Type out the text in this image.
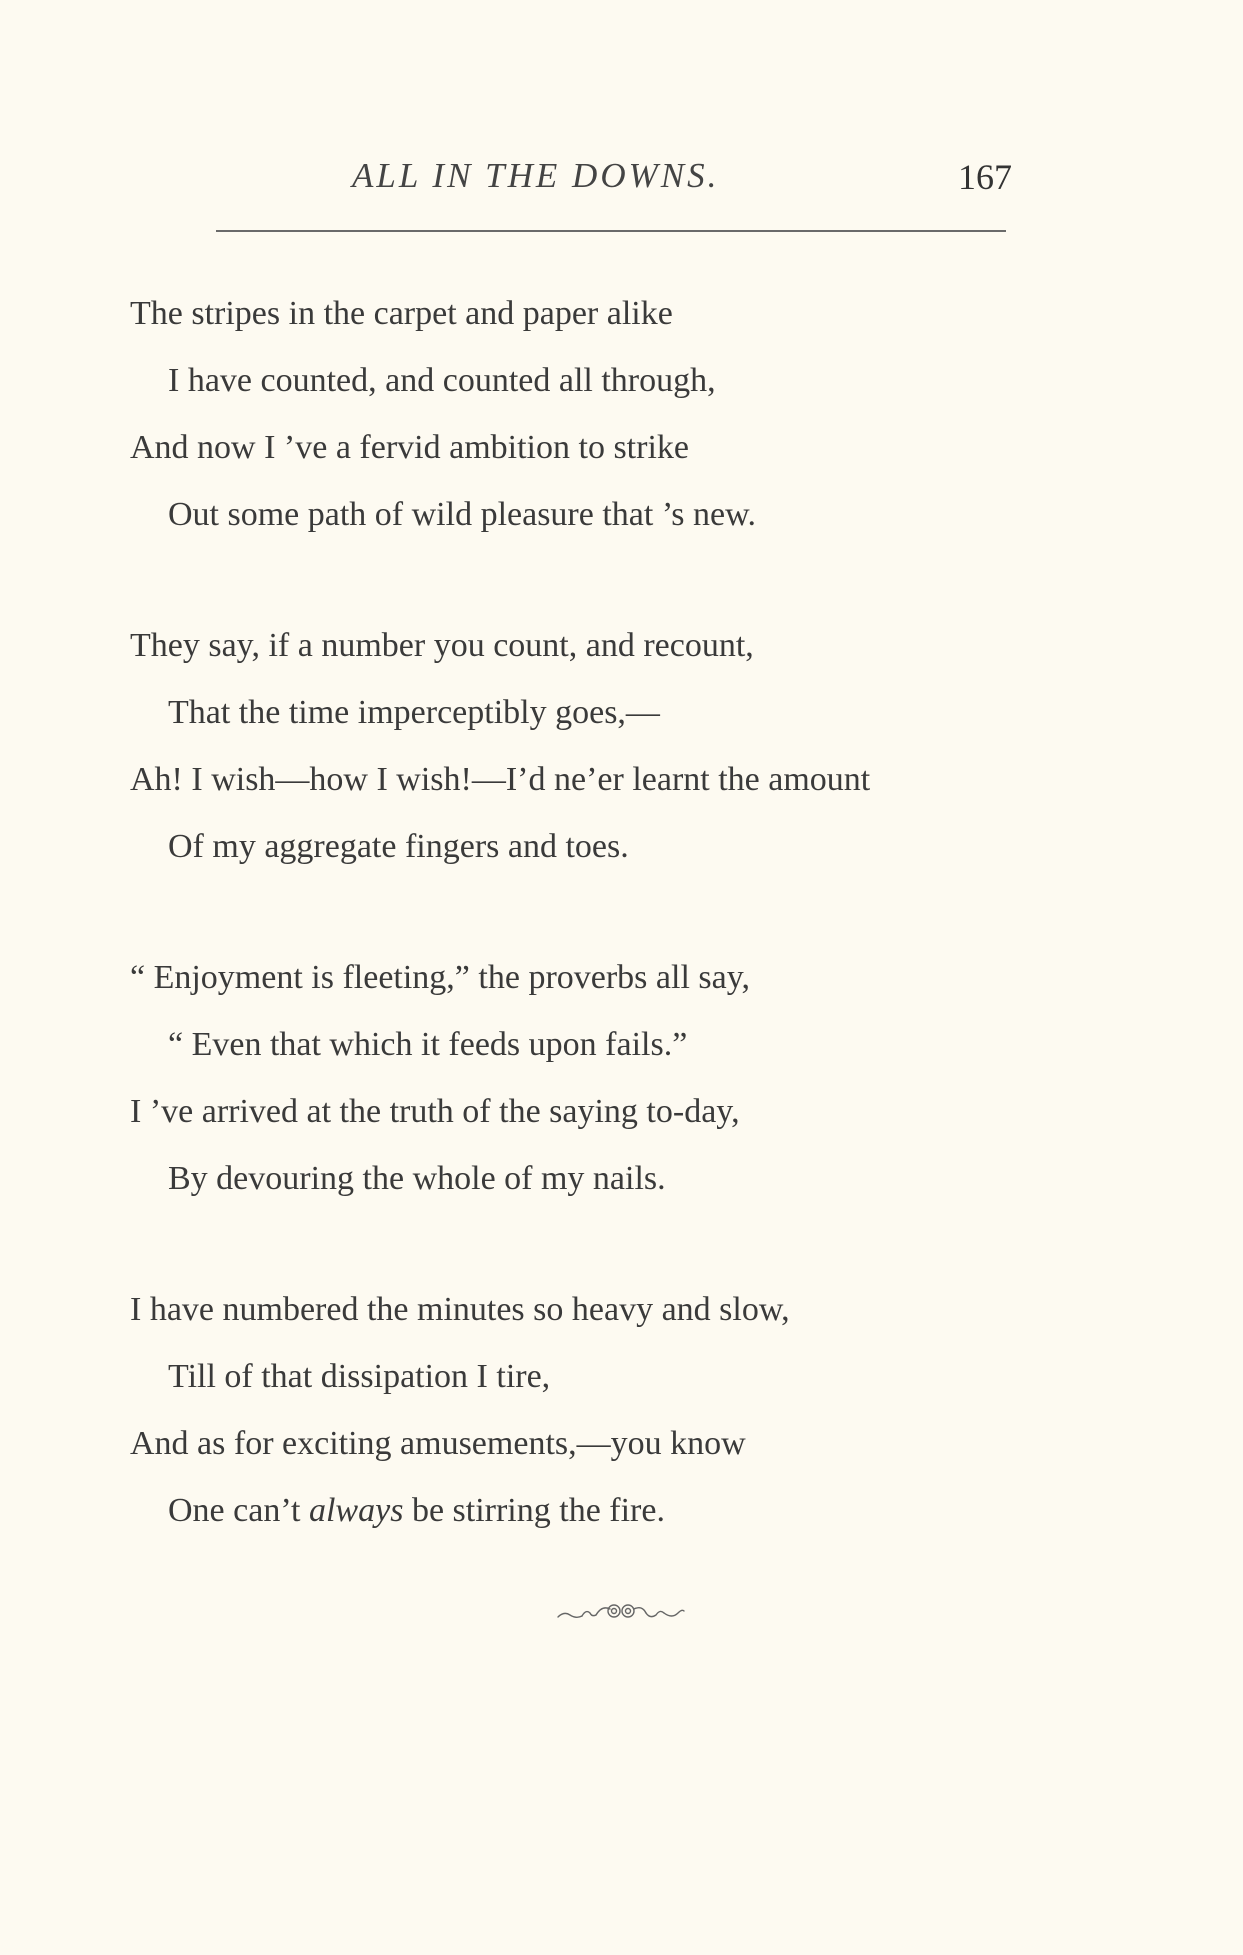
ALL IN THE DOWNS.	167
The stripes in the carpet and paper alike
I have counted, and counted all through,
And now I ’ve a fervid ambition to strike
Out some path of wild pleasure that ’s new.
They say, if a number you count, and recount,
That the time imperceptibly goes,—
Ah! I wish—how I wish!—I’d ne’er learnt the amount
Of my aggregate fingers and toes.
“ Enjoyment is fleeting,” the proverbs all say,
“ Even that which it feeds upon fails.”
I ’ve arrived at the truth of the saying to-day,
By devouring the whole of my nails.
I have numbered the minutes so heavy and slow,
Till of that dissipation I tire,
And as for exciting amusements,—you know
One can’t always be stirring the fire.
